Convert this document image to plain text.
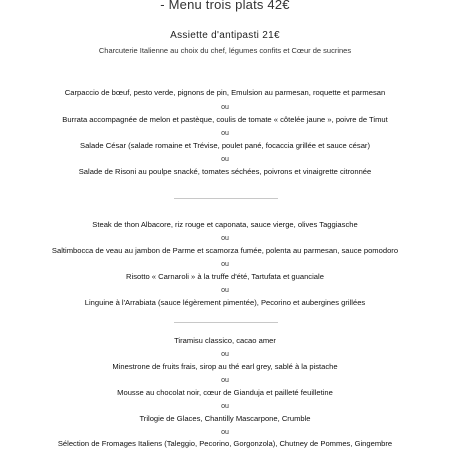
- Menu trois plats 42€
Assiette d'antipasti 21€
Charcuterie Italienne au choix du chef, légumes confits et Cœur de sucrines
Carpaccio de bœuf, pesto verde, pignons de pin, Emulsion au parmesan, roquette et parmesan
ou
Burrata accompagnée de melon et pastèque, coulis de tomate « côtelée jaune », poivre de Timut
ou
Salade César (salade romaine et Trévise, poulet pané, focaccia grillée et sauce césar)
ou
Salade de Risoni au poulpe snacké, tomates séchées, poivrons et vinaigrette citronnée
Steak de thon Albacore, riz rouge et caponata, sauce vierge, olives Taggiasche
ou
Saltimbocca de veau au jambon de Parme et scamorza fumée, polenta au parmesan, sauce pomodoro
ou
Risotto « Carnaroli » à la truffe d'été, Tartufata et guanciale
ou
Linguine à l'Arrabiata (sauce légèrement pimentée), Pecorino et aubergines grillées
Tiramisu classico, cacao amer
ou
Minestrone de fruits frais, sirop au thé earl grey, sablé à la pistache
ou
Mousse au chocolat noir, cœur de Gianduja et pailleté feuilletine
ou
Trilogie de Glaces, Chantilly Mascarpone, Crumble
ou
Sélection de Fromages Italiens (Taleggio, Pecorino, Gorgonzola), Chutney de Pommes, Gingembre
